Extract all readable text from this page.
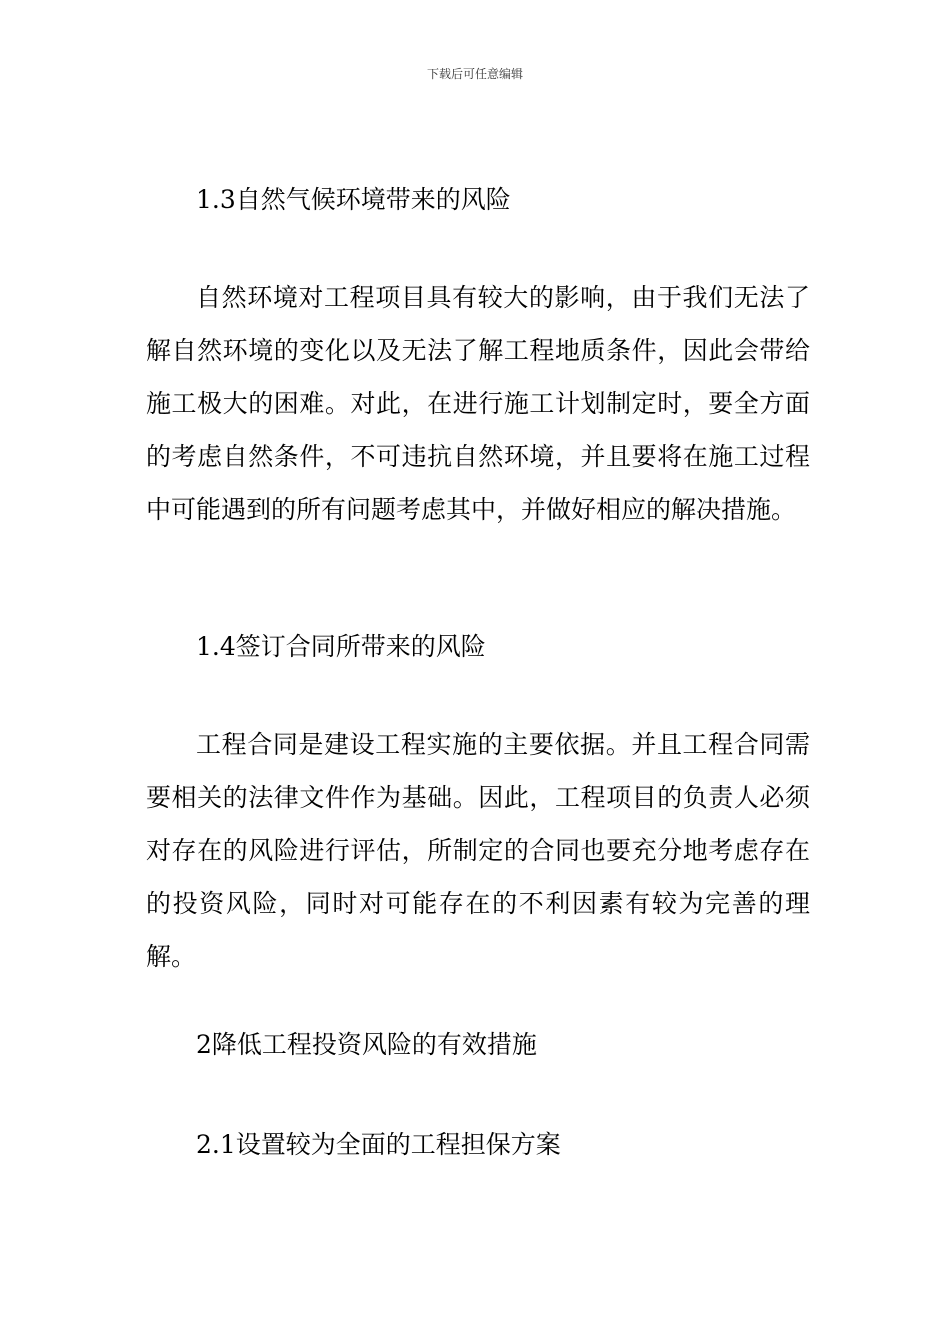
下载后可任意编辑
1.3自然气候环境带来的风险

自然环境对工程项目具有较大的影响，由于我们无法了解自然环境的变化以及无法了解工程地质条件，因此会带给施工极大的困难。对此，在进行施工计划制定时，要全方面的考虑自然条件，不可违抗自然环境，并且要将在施工过程中可能遇到的所有问题考虑其中，并做好相应的解决措施。

1.4签订合同所带来的风险

工程合同是建设工程实施的主要依据。并且工程合同需要相关的法律文件作为基础。因此，工程项目的负责人必须对存在的风险进行评估，所制定的合同也要充分地考虑存在的投资风险，同时对可能存在的不利因素有较为完善的理解。

2降低工程投资风险的有效措施
2.1设置较为全面的工程担保方案
